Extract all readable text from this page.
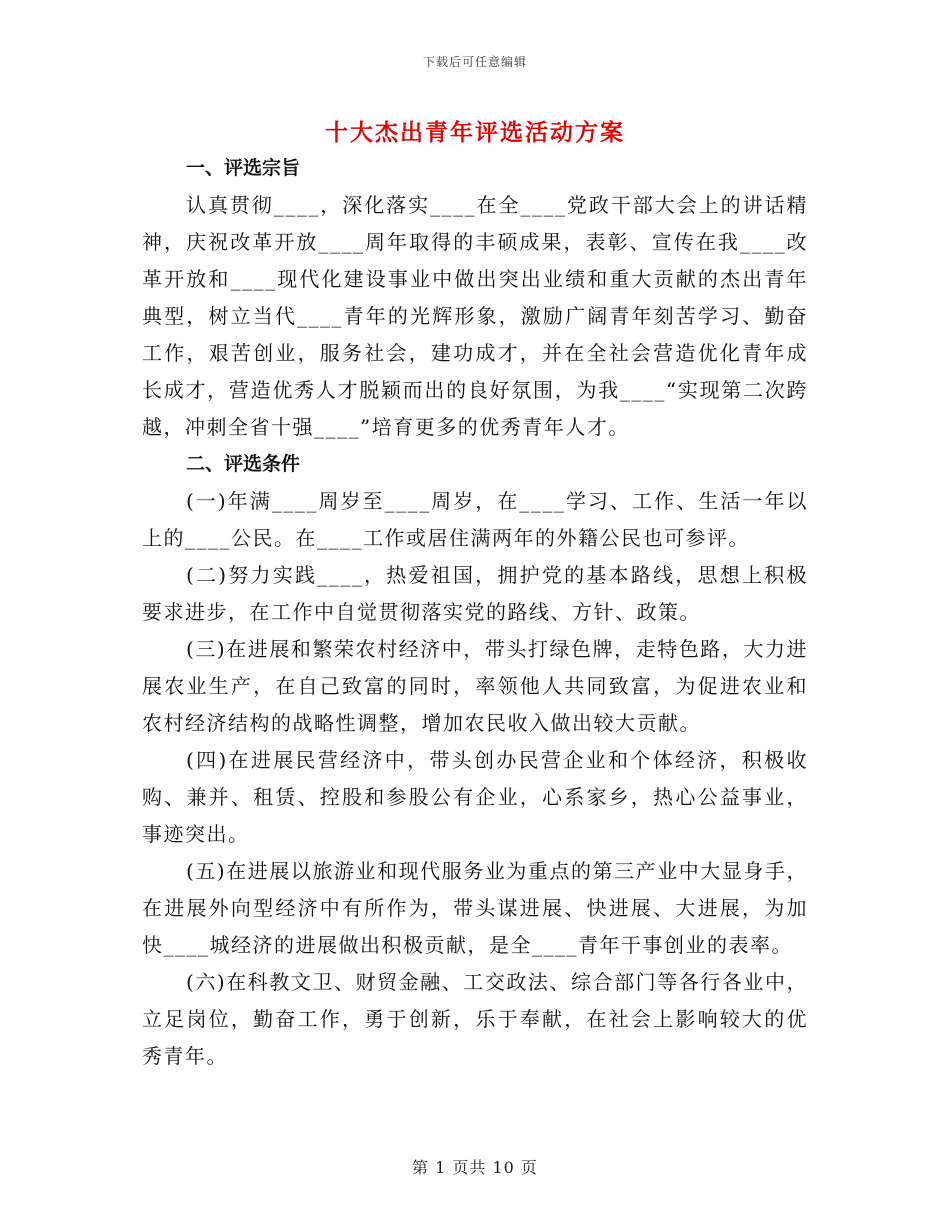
下载后可任意编辑
十大杰出青年评选活动方案
一、评选宗旨

认真贯彻____，深化落实____在全____党政干部大会上的讲话精神，庆祝改革开放____周年取得的丰硕成果，表彰、宣传在我____改革开放和____现代化建设事业中做出突出业绩和重大贡献的杰出青年典型，树立当代____青年的光辉形象，激励广阔青年刻苦学习、勤奋工作，艰苦创业，服务社会，建功成才，并在全社会营造优化青年成长成才，营造优秀人才脱颖而出的良好氛围，为我____“实现第二次跨越，冲刺全省十强____”培育更多的优秀青年人才。

二、评选条件

(一)年满____周岁至____周岁，在____学习、工作、生活一年以上的____公民。在____工作或居住满两年的外籍公民也可参评。

(二)努力实践____，热爱祖国，拥护党的基本路线，思想上积极要求进步，在工作中自觉贯彻落实党的路线、方针、政策。

(三)在进展和繁荣农村经济中，带头打绿色牌，走特色路，大力进展农业生产，在自己致富的同时，率领他人共同致富，为促进农业和农村经济结构的战略性调整，增加农民收入做出较大贡献。

(四)在进展民营经济中，带头创办民营企业和个体经济，积极收购、兼并、租赁、控股和参股公有企业，心系家乡，热心公益事业，事迹突出。

(五)在进展以旅游业和现代服务业为重点的第三产业中大显身手，在进展外向型经济中有所作为，带头谋进展、快进展、大进展，为加快____城经济的进展做出积极贡献，是全____青年干事创业的表率。

(六)在科教文卫、财贸金融、工交政法、综合部门等各行各业中，立足岗位，勤奋工作，勇于创新，乐于奉献，在社会上影响较大的优秀青年。

第 1 页共 10 页
